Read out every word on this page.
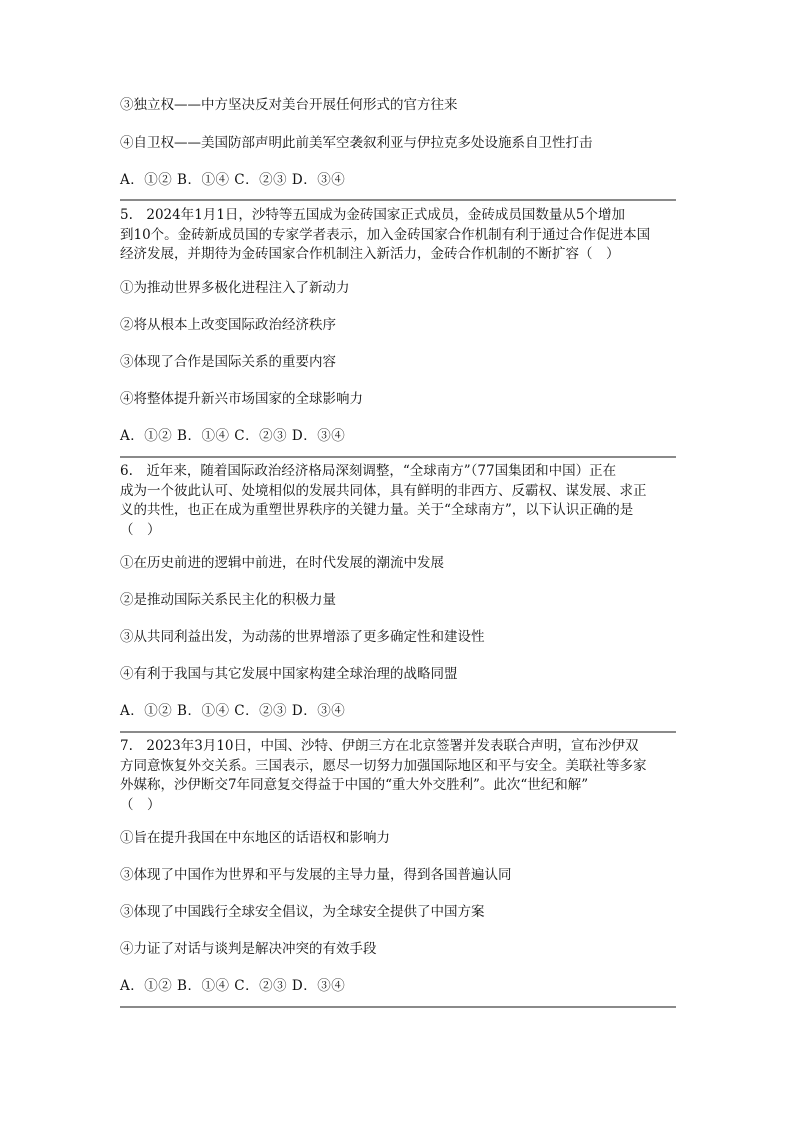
③独立权——中方坚决反对美台开展任何形式的官方往来
④自卫权——美国防部声明此前美军空袭叙利亚与伊拉克多处设施系自卫性打击
A．①② B．①④ C．②③ D．③④
5.　2024年1月1日，沙特等五国成为金砖国家正式成员，金砖成员国数量从5个增加
到10个。金砖新成员国的专家学者表示，加入金砖国家合作机制有利于通过合作促进本国
经济发展，并期待为金砖国家合作机制注入新活力，金砖合作机制的不断扩容（　）
①为推动世界多极化进程注入了新动力
②将从根本上改变国际政治经济秩序
③体现了合作是国际关系的重要内容
④将整体提升新兴市场国家的全球影响力
A．①② B．①④ C．②③ D．③④
6.　近年来，随着国际政治经济格局深刻调整，“全球南方”（77国集团和中国）正在
成为一个彼此认可、处境相似的发展共同体，具有鲜明的非西方、反霸权、谋发展、求正
义的共性，也正在成为重塑世界秩序的关键力量。关于“全球南方”，以下认识正确的是
（　）
①在历史前进的逻辑中前进，在时代发展的潮流中发展
②是推动国际关系民主化的积极力量
③从共同利益出发，为动荡的世界增添了更多确定性和建设性
④有利于我国与其它发展中国家构建全球治理的战略同盟
A．①② B．①④ C．②③ D．③④
7.　2023年3月10日，中国、沙特、伊朗三方在北京签署并发表联合声明，宣布沙伊双
方同意恢复外交关系。三国表示，愿尽一切努力加强国际地区和平与安全。美联社等多家
外媒称，沙伊断交7年同意复交得益于中国的“重大外交胜利”。此次“世纪和解”
（　）
①旨在提升我国在中东地区的话语权和影响力
③体现了中国作为世界和平与发展的主导力量，得到各国普遍认同
③体现了中国践行全球安全倡议，为全球安全提供了中国方案
④力证了对话与谈判是解决冲突的有效手段
A．①② B．①④ C．②③ D．③④
